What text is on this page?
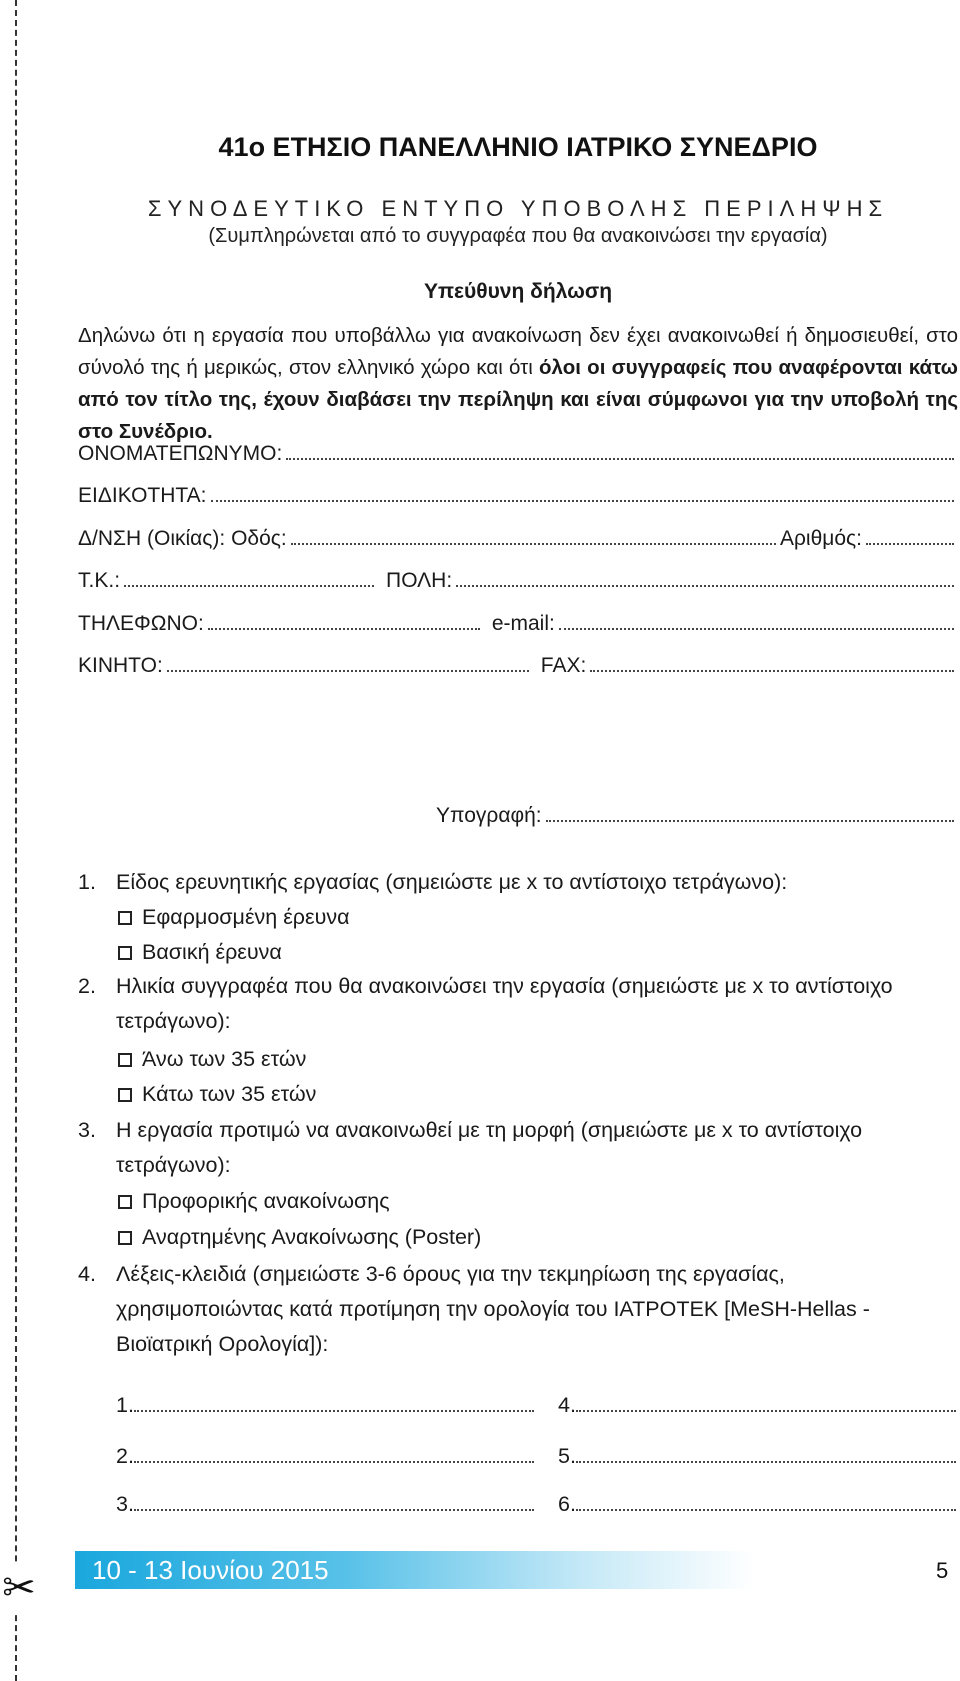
✂
41ο ΕΤΗΣΙΟ ΠΑΝΕΛΛΗΝΙΟ ΙΑΤΡΙΚΟ ΣΥΝΕΔΡΙΟ
ΣΥΝΟΔΕΥΤΙΚΟ ΕΝΤΥΠΟ ΥΠΟΒΟΛΗΣ ΠΕΡΙΛΗΨΗΣ
(Συμπληρώνεται από το συγγραφέα που θα ανακοινώσει την εργασία)
Υπεύθυνη δήλωση
Δηλώνω ότι η εργασία που υποβάλλω για ανακοίνωση δεν έχει ανακοινωθεί ή δημοσιευθεί, στο σύνολό της ή μερικώς, στον ελληνικό χώρο και ότι όλοι οι συγγραφείς που αναφέρονται κάτω από τον τίτλο της, έχουν διαβάσει την περίληψη και είναι σύμφωνοι για την υποβολή της στο Συνέδριο.
ΟΝΟΜΑΤΕΠΩΝΥΜΟ:
ΕΙΔΙΚΟΤΗΤΑ:
Δ/ΝΣΗ (Οικίας): Οδός:	Αριθμός:
Τ.Κ.:	ΠΟΛΗ:
ΤΗΛΕΦΩΝΟ:	e-mail:
ΚΙΝΗΤΟ:	FAX:
Υπογραφή:
1. Είδος ερευνητικής εργασίας (σημειώστε με x το αντίστοιχο τετράγωνο):
Εφαρμοσμένη έρευνα
Βασική έρευνα
2. Ηλικία συγγραφέα που θα ανακοινώσει την εργασία (σημειώστε με x το αντίστοιχο τετράγωνο):
Άνω των 35 ετών
Κάτω των 35 ετών
3. Η εργασία προτιμώ να ανακοινωθεί με τη μορφή (σημειώστε με x το αντίστοιχο τετράγωνο):
Προφορικής ανακοίνωσης
Αναρτημένης Ανακοίνωσης (Poster)
4. Λέξεις-κλειδιά (σημειώστε 3-6 όρους για την τεκμηρίωση της εργασίας, χρησιμοποιώντας κατά προτίμηση την ορολογία του ΙΑΤΡΟΤΕΚ [MeSH-Hellas - Βιοϊατρική Ορολογία]):
1.	4.
2.	5.
3.	6.
10 - 13 Ιουνίου 2015	5
